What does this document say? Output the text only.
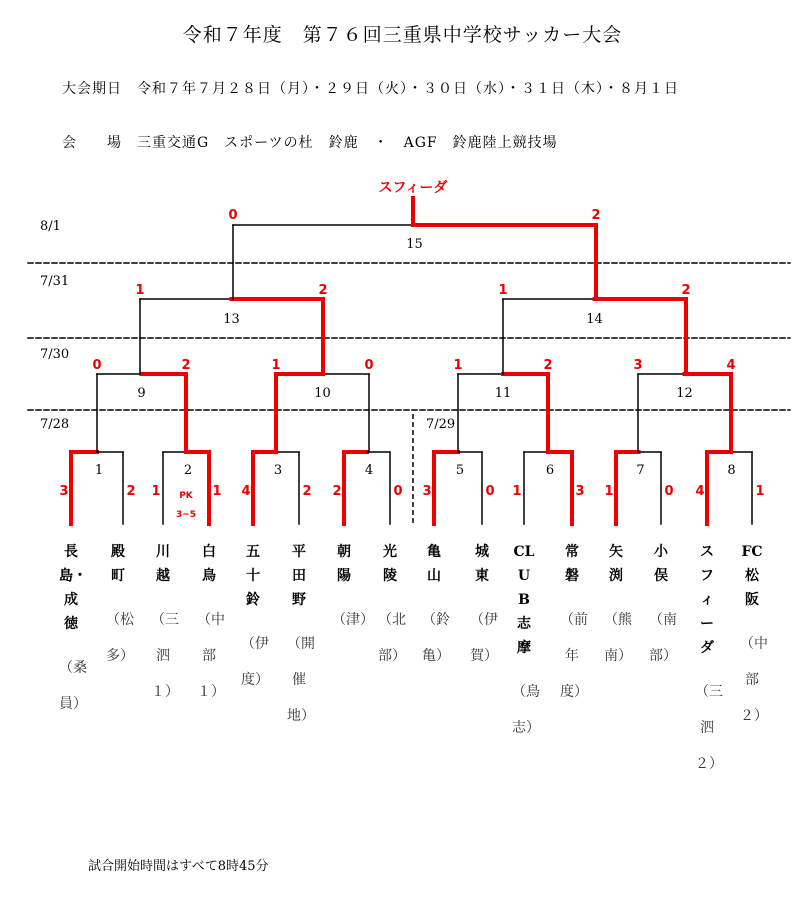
令和７年度　第７６回三重県中学校サッカー大会
大会期日　 令和７年７月２８日（月）・２９日（火）・３０日（水）・３１日（木）・８月１日
会　　場　 三重交通G　スポーツの杜　鈴鹿　・　AGF　鈴鹿陸上競技場
8/1
7/31
7/30
7/28	7/29
1
3	2
2
1	1
PK
3−5
3
4	2
4
2	0
5
3	0
6
1	3
7
1	0
8
4	1
9
0	2
10
1	0
11
1	2
12
3	4
13
1	2
14
1	2
15
0	2
スフィーダ
長島・成徳
（桑員）
殿　町
（松多）
川　越
（三泗１）
白　鳥
（中部１）
五十鈴
（伊度）
平田野
（開催地）
朝　陽
（津）
光　陵
（北部）
亀　山
（鈴亀）
城　東
（伊賀）
CLUB志摩
（鳥志）
常　磐
（前年度）
矢　渕
（熊南）
小　俣
（南部）
スフィーダ
（三泗２）
FC松阪
（中部２）
試合開始時間はすべて8時45分
